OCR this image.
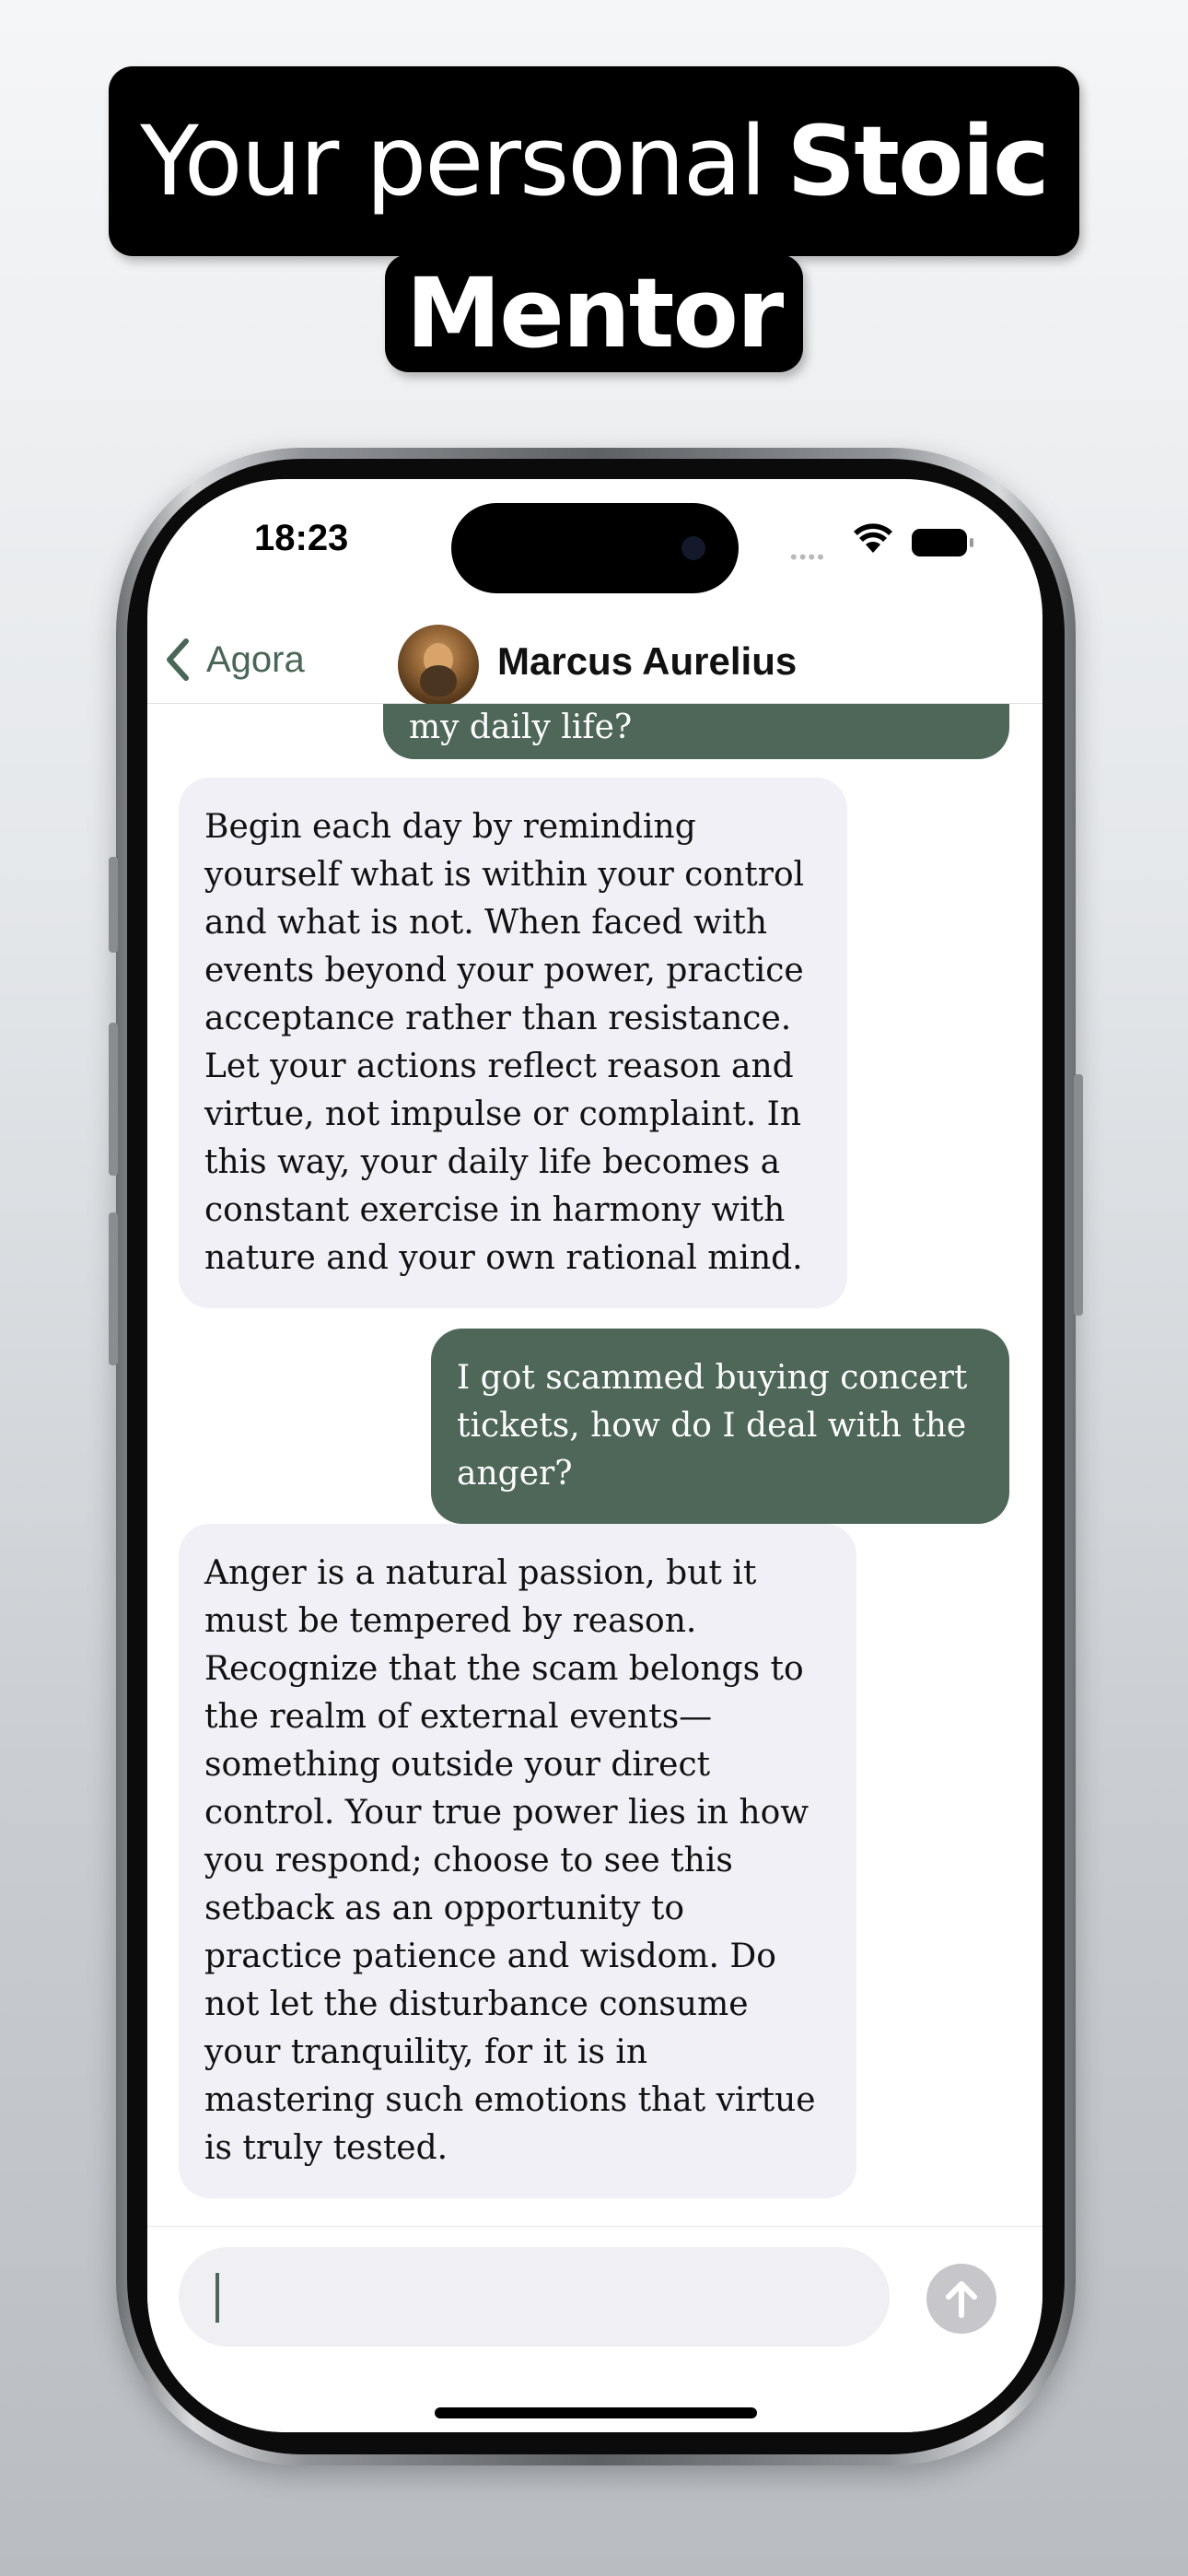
Your personal Stoic
Mentor
18:23	••••
Agora	Marcus Aurelius
my daily life?
Begin each day by reminding
yourself what is within your control
and what is not. When faced with
events beyond your power, practice
acceptance rather than resistance.
Let your actions reflect reason and
virtue, not impulse or complaint. In
this way, your daily life becomes a
constant exercise in harmony with
nature and your own rational mind.
I got scammed buying concert
tickets, how do I deal with the
anger?
Anger is a natural passion, but it
must be tempered by reason.
Recognize that the scam belongs to
the realm of external events—
something outside your direct
control. Your true power lies in how
you respond; choose to see this
setback as an opportunity to
practice patience and wisdom. Do
not let the disturbance consume
your tranquility, for it is in
mastering such emotions that virtue
is truly tested.
